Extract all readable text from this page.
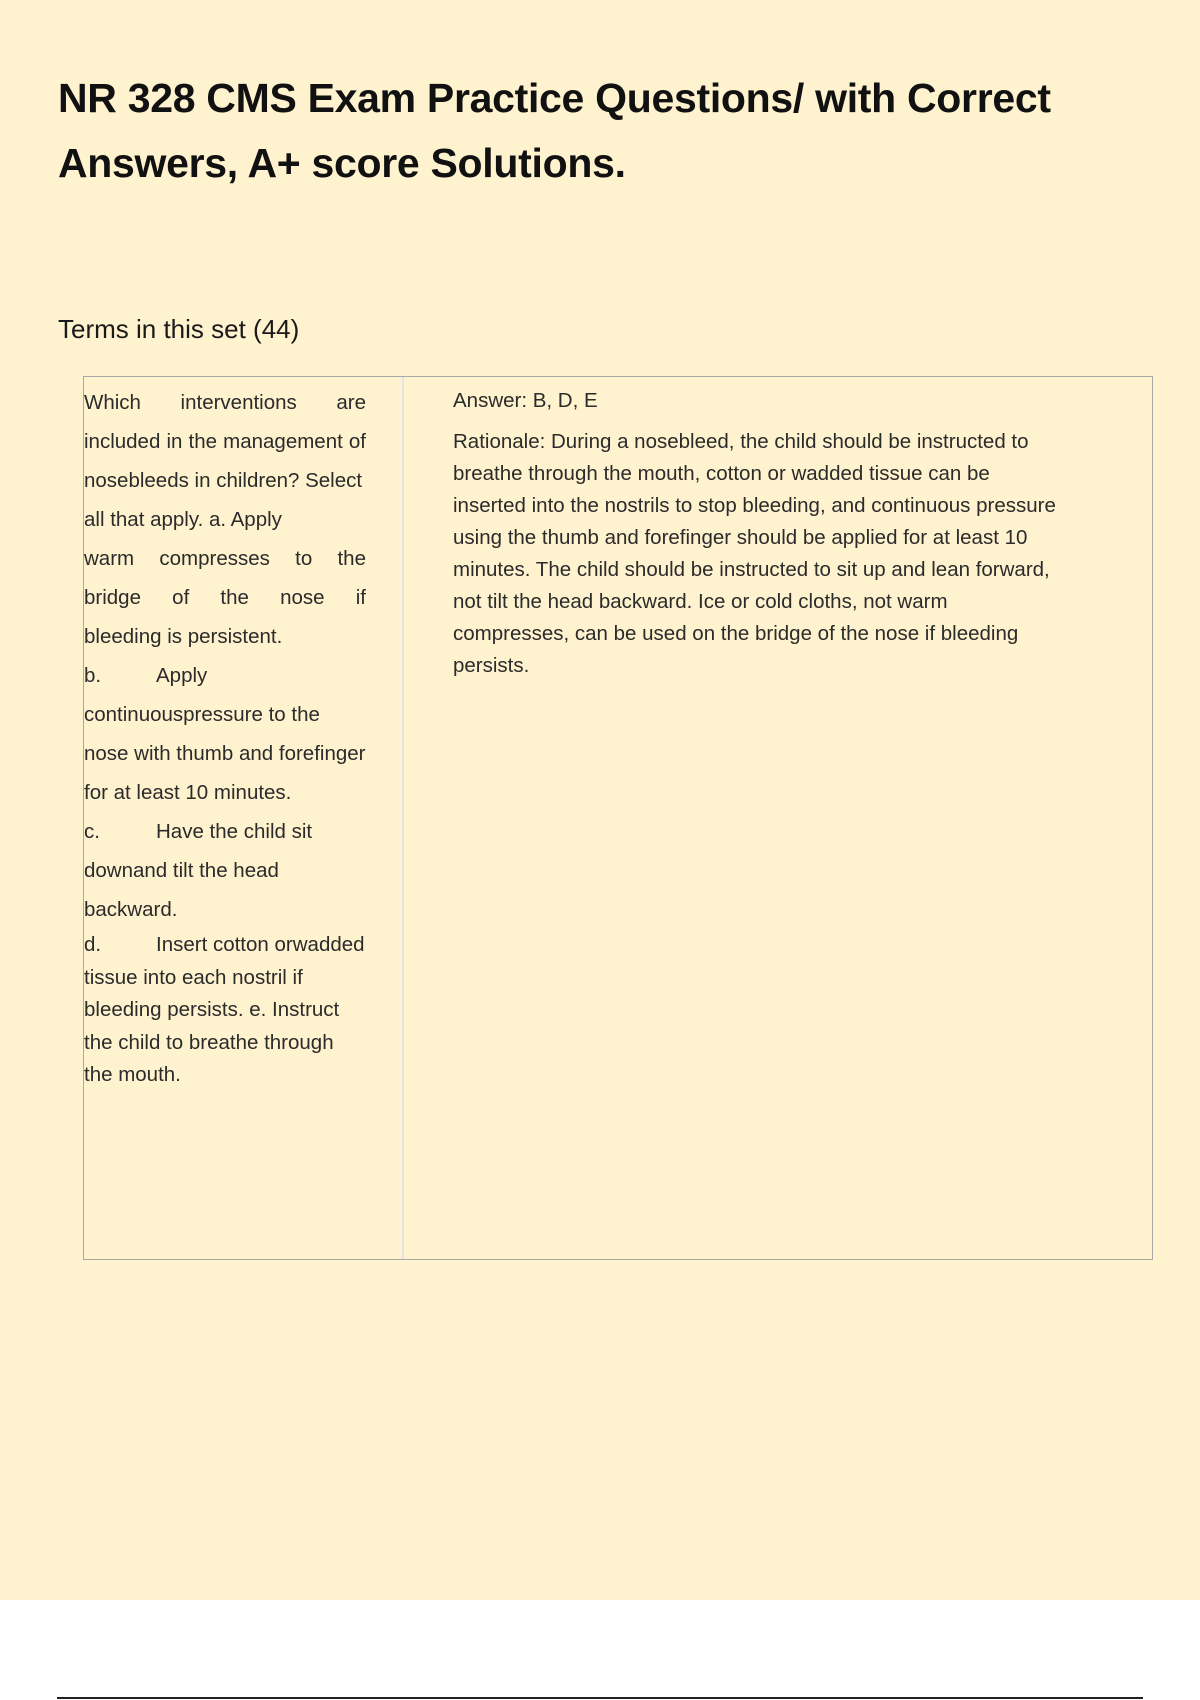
NR 328 CMS Exam Practice Questions/ with Correct Answers, A+ score Solutions.
Terms in this set (44)

Which interventions are included in the management of

nosebleeds in children? Select all that apply. a. Apply

warm compresses to the bridge of the nose if

bleeding is persistent.

b.	Apply continuouspressure to the nose with thumb and forefinger for at least 10 minutes.

c.	Have the child sit downand tilt the head backward.

d.	Insert cotton orwadded tissue into each nostril if bleeding persists. e. Instruct the child to breathe through the mouth.

Answer: B, D, E

Rationale: During a nosebleed, the child should be instructed to breathe through the mouth, cotton or wadded tissue can be inserted into the nostrils to stop bleeding, and continuous pressure using the thumb and forefinger should be applied for at least 10 minutes. The child should be instructed to sit up and lean forward, not tilt the head backward. Ice or cold cloths, not warm compresses, can be used on the bridge of the nose if bleeding persists.
